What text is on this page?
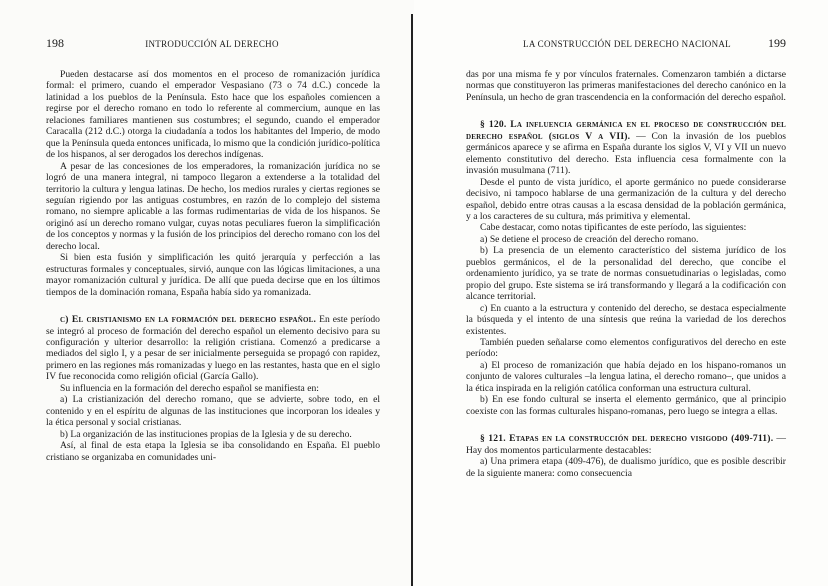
198	INTRODUCCIÓN AL DERECHO

Pueden destacarse así dos momentos en el proceso de romanización jurídica formal: el primero, cuando el emperador Vespasiano (73 o 74 d.C.) concede la latinidad a los pueblos de la Península. Esto hace que los españoles comiencen a regirse por el derecho romano en todo lo referente al commercium, aunque en las relaciones familiares mantienen sus costumbres; el segundo, cuando el emperador Caracalla (212 d.C.) otorga la ciudadanía a todos los habitantes del Imperio, de modo que la Península queda entonces unificada, lo mismo que la condición jurídico-política de los hispanos, al ser derogados los derechos indígenas.

A pesar de las concesiones de los emperadores, la romanización jurídica no se logró de una manera integral, ni tampoco llegaron a extenderse a la totalidad del territorio la cultura y lengua latinas. De hecho, los medios rurales y ciertas regiones se seguían rigiendo por las antiguas costumbres, en razón de lo complejo del sistema romano, no siempre aplicable a las formas rudimentarias de vida de los hispanos. Se originó así un derecho romano vulgar, cuyas notas peculiares fueron la simplificación de los conceptos y normas y la fusión de los principios del derecho romano con los del derecho local.

Si bien esta fusión y simplificación les quitó jerarquía y perfección a las estructuras formales y conceptuales, sirvió, aunque con las lógicas limitaciones, a una mayor romanización cultural y jurídica. De allí que pueda decirse que en los últimos tiempos de la dominación romana, España había sido ya romanizada.

c) El cristianismo en la formación del derecho español. En este período se integró al proceso de formación del derecho español un elemento decisivo para su configuración y ulterior desarrollo: la religión cristiana. Comenzó a predicarse a mediados del siglo I, y a pesar de ser inicialmente perseguida se propagó con rapidez, primero en las regiones más romanizadas y luego en las restantes, hasta que en el siglo IV fue reconocida como religión oficial (García Gallo).

Su influencia en la formación del derecho español se manifiesta en:

a) La cristianización del derecho romano, que se advierte, sobre todo, en el contenido y en el espíritu de algunas de las instituciones que incorporan los ideales y la ética personal y social cristianas.

b) La organización de las instituciones propias de la Iglesia y de su derecho.

Así, al final de esta etapa la Iglesia se iba consolidando en España. El pueblo cristiano se organizaba en comunidades uni-

LA CONSTRUCCIÓN DEL DERECHO NACIONAL	199

das por una misma fe y por vínculos fraternales. Comenzaron también a dictarse normas que constituyeron las primeras manifestaciones del derecho canónico en la Península, un hecho de gran trascendencia en la conformación del derecho español.

§ 120. La influencia germánica en el proceso de construcción del derecho español (siglos V a VII). — Con la invasión de los pueblos germánicos aparece y se afirma en España durante los siglos V, VI y VII un nuevo elemento constitutivo del derecho. Esta influencia cesa formalmente con la invasión musulmana (711).

Desde el punto de vista jurídico, el aporte germánico no puede considerarse decisivo, ni tampoco hablarse de una germanización de la cultura y del derecho español, debido entre otras causas a la escasa densidad de la población germánica, y a los caracteres de su cultura, más primitiva y elemental.

Cabe destacar, como notas tipificantes de este período, las siguientes:

a) Se detiene el proceso de creación del derecho romano.

b) La presencia de un elemento característico del sistema jurídico de los pueblos germánicos, el de la personalidad del derecho, que concibe el ordenamiento jurídico, ya se trate de normas consuetudinarias o legisladas, como propio del grupo. Este sistema se irá transformando y llegará a la codificación con alcance territorial.

c) En cuanto a la estructura y contenido del derecho, se destaca especialmente la búsqueda y el intento de una síntesis que reúna la variedad de los derechos existentes.

También pueden señalarse como elementos configurativos del derecho en este período:

a) El proceso de romanización que había dejado en los hispano-romanos un conjunto de valores culturales –la lengua latina, el derecho romano–, que unidos a la ética inspirada en la religión católica conforman una estructura cultural.

b) En ese fondo cultural se inserta el elemento germánico, que al principio coexiste con las formas culturales hispano-romanas, pero luego se integra a ellas.

§ 121. Etapas en la construcción del derecho visigodo (409-711). — Hay dos momentos particularmente destacables:

a) Una primera etapa (409-476), de dualismo jurídico, que es posible describir de la siguiente manera: como consecuencia
